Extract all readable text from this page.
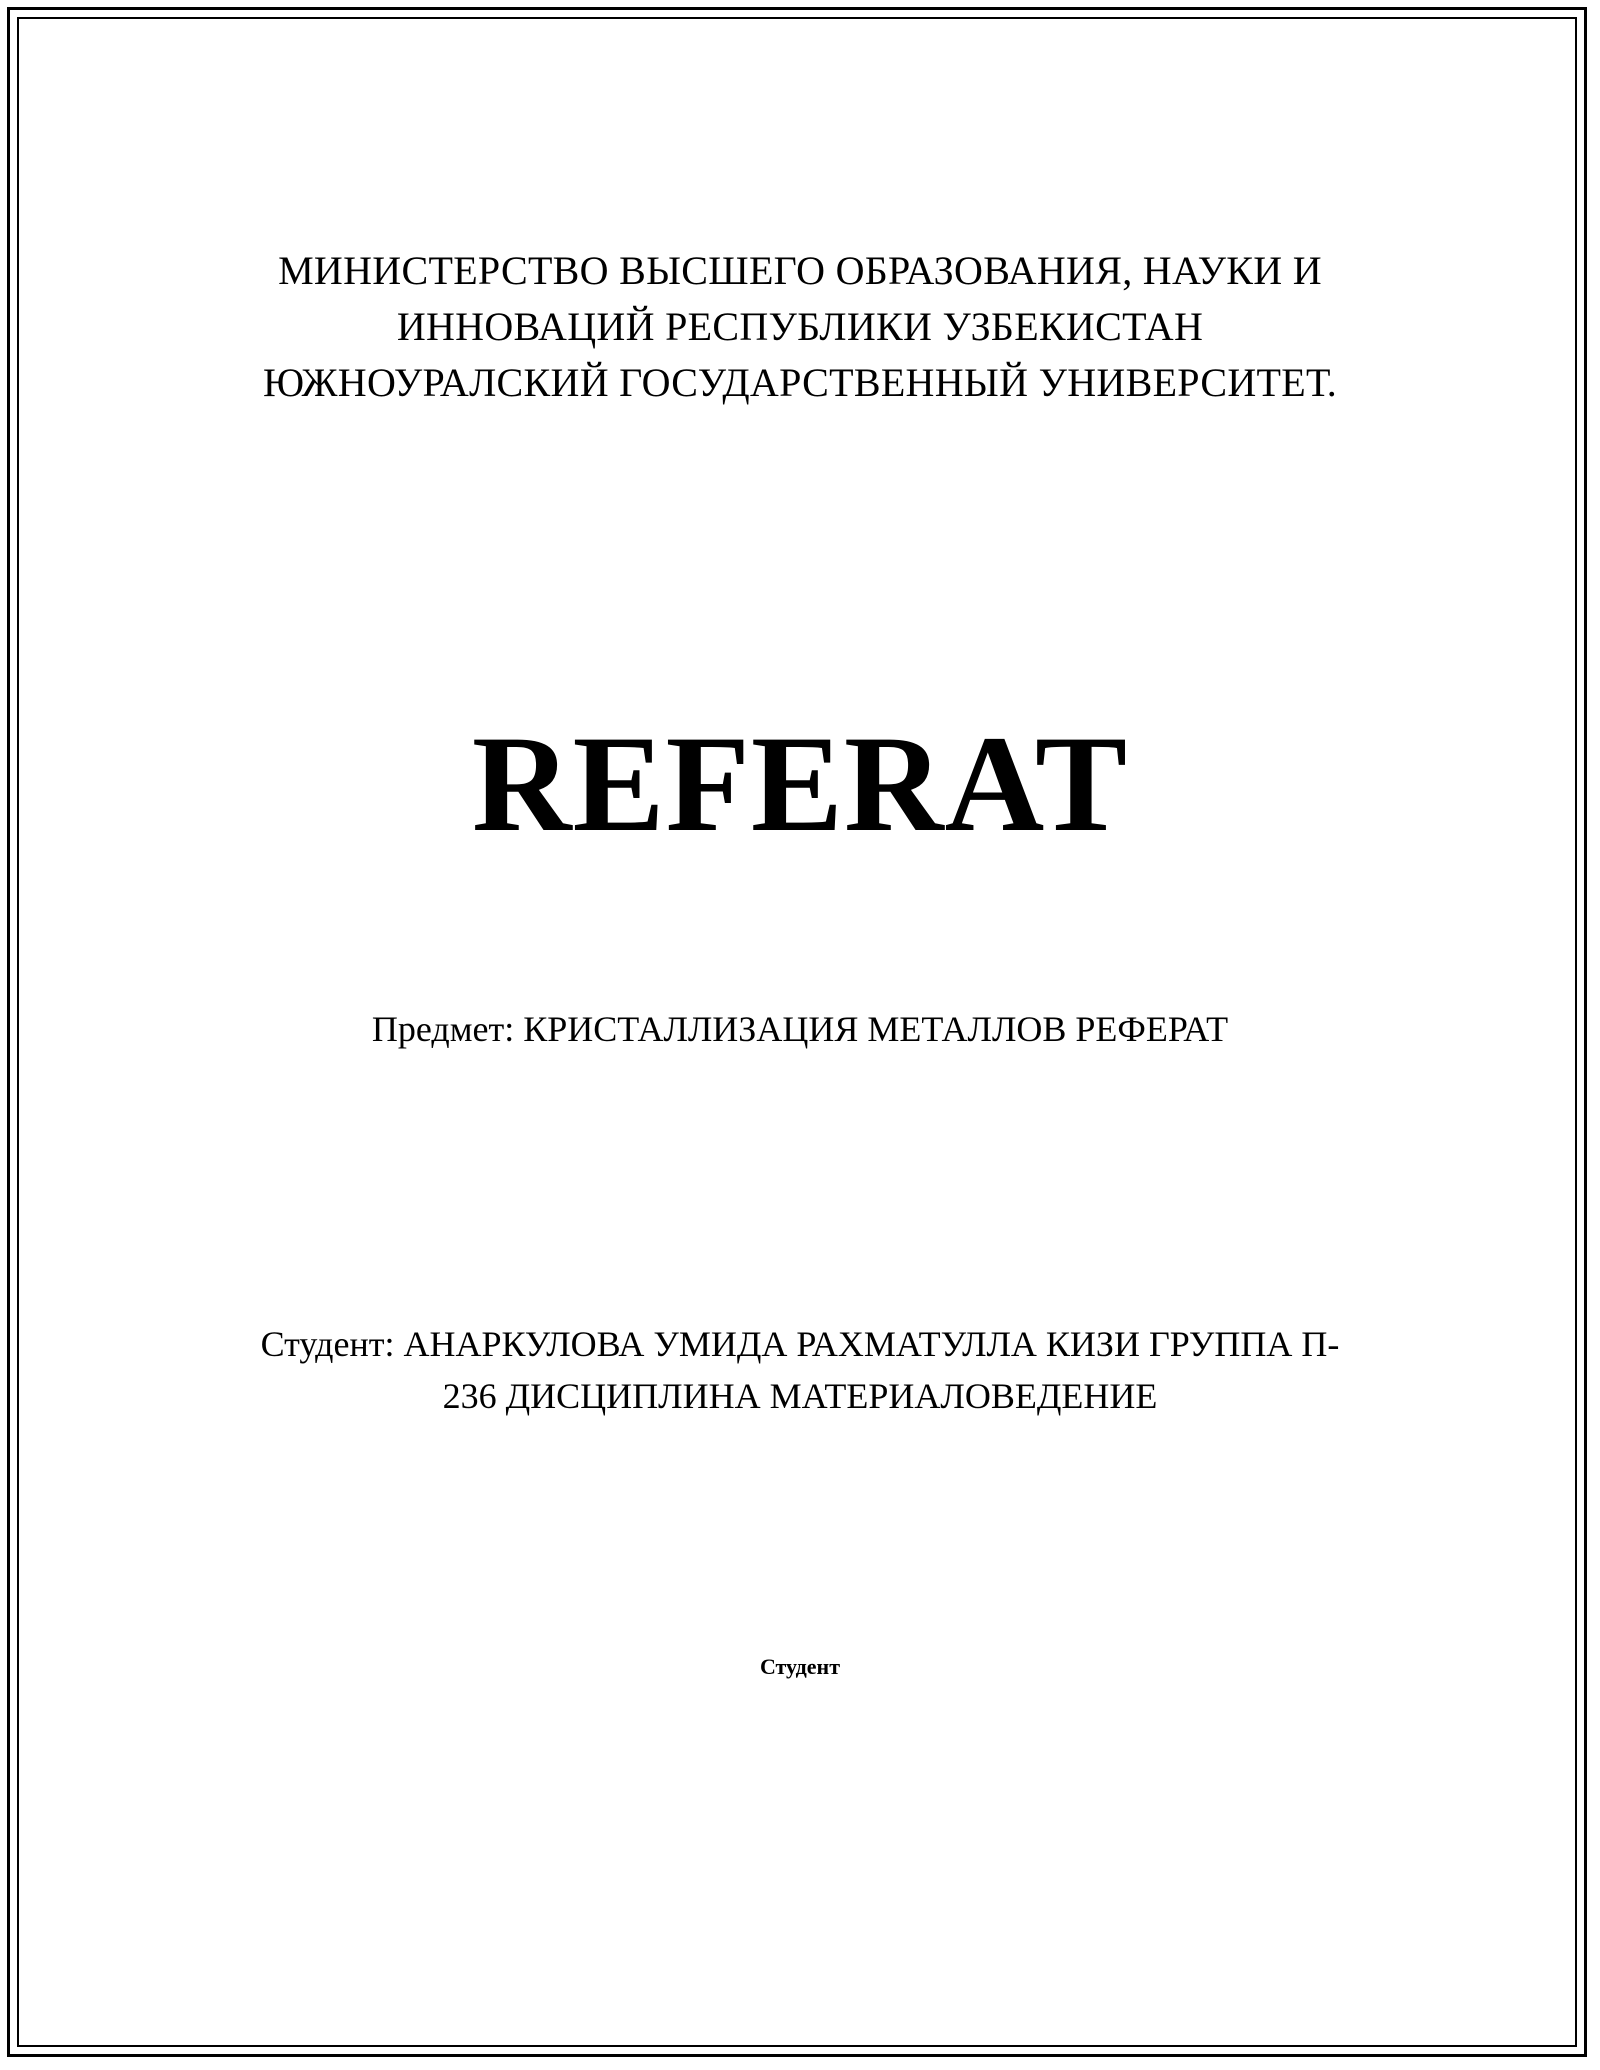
МИНИСТЕРСТВО ВЫСШЕГО ОБРАЗОВАНИЯ, НАУКИ И
ИННОВАЦИЙ РЕСПУБЛИКИ УЗБЕКИСТАН
ЮЖНОУРАЛСКИЙ ГОСУДАРСТВЕННЫЙ УНИВЕРСИТЕТ.
REFERAT
Предмет: КРИСТАЛЛИЗАЦИЯ МЕТАЛЛОВ РЕФЕРАТ
Студент: АНАРКУЛОВА УМИДА РАХМАТУЛЛА КИЗИ ГРУППА П-
236 ДИСЦИПЛИНА МАТЕРИАЛОВЕДЕНИЕ
Студент
